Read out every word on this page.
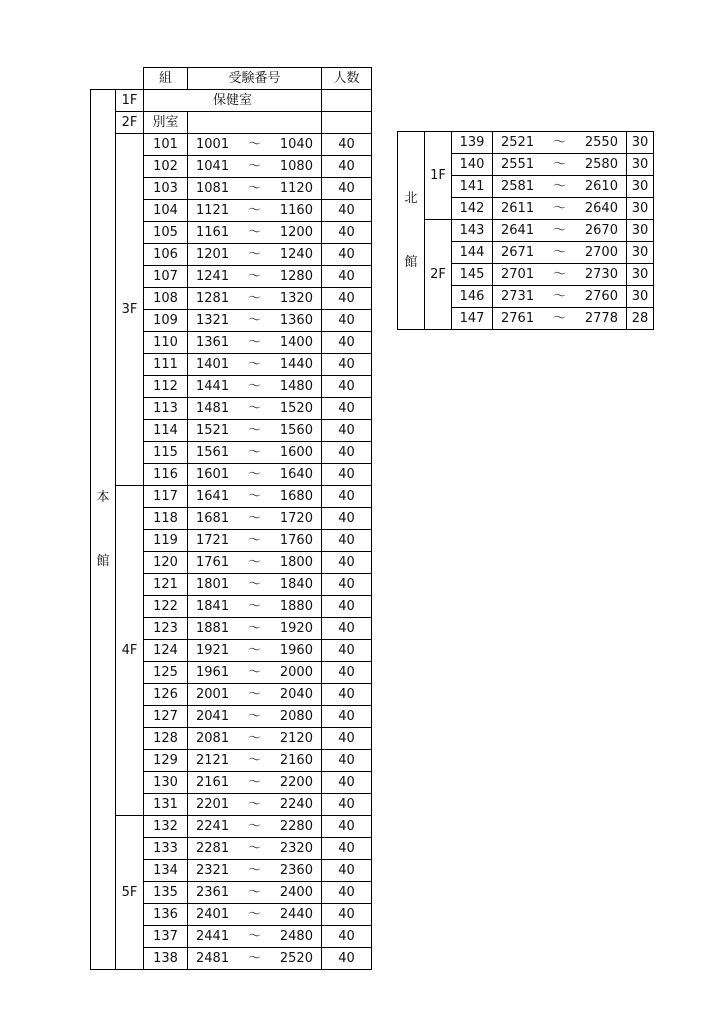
		組	受験番号	人数

本
館	1F	保健室		
	2F	別室		
	3F	101	1001 ～ 1040	40
		102	1041 ～ 1080	40
		103	1081 ～ 1120	40
		104	1121 ～ 1160	40
		105	1161 ～ 1200	40
		106	1201 ～ 1240	40
		107	1241 ～ 1280	40
		108	1281 ～ 1320	40
		109	1321 ～ 1360	40
		110	1361 ～ 1400	40
		111	1401 ～ 1440	40
		112	1441 ～ 1480	40
		113	1481 ～ 1520	40
		114	1521 ～ 1560	40
		115	1561 ～ 1600	40
		116	1601 ～ 1640	40
	4F	117	1641 ～ 1680	40
		118	1681 ～ 1720	40
		119	1721 ～ 1760	40
		120	1761 ～ 1800	40
		121	1801 ～ 1840	40
		122	1841 ～ 1880	40
		123	1881 ～ 1920	40
		124	1921 ～ 1960	40
		125	1961 ～ 2000	40
		126	2001 ～ 2040	40
		127	2041 ～ 2080	40
		128	2081 ～ 2120	40
		129	2121 ～ 2160	40
		130	2161 ～ 2200	40
		131	2201 ～ 2240	40
	5F	132	2241 ～ 2280	40
		133	2281 ～ 2320	40
		134	2321 ～ 2360	40
		135	2361 ～ 2400	40
		136	2401 ～ 2440	40
		137	2441 ～ 2480	40
		138	2481 ～ 2520	40
北
館	1F	139	2521 ～ 2550	30
		140	2551 ～ 2580	30
		141	2581 ～ 2610	30
		142	2611 ～ 2640	30
	2F	143	2641 ～ 2670	30
		144	2671 ～ 2700	30
		145	2701 ～ 2730	30
		146	2731 ～ 2760	30
		147	2761 ～ 2778	28
